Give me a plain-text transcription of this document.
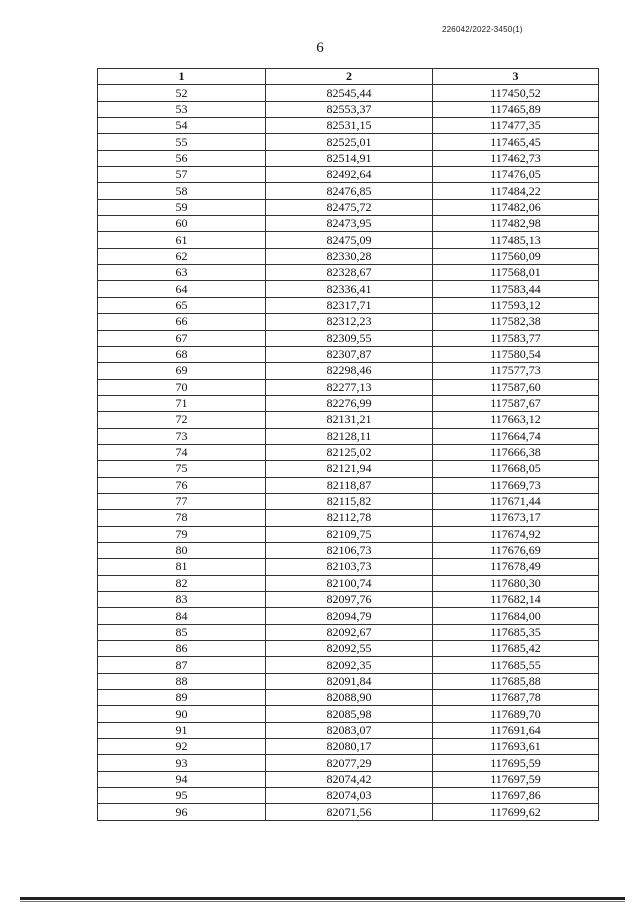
226042/2022-3450(1)
6
1	2	3
52	82545,44	117450,52
53	82553,37	117465,89
54	82531,15	117477,35
55	82525,01	117465,45
56	82514,91	117462,73
57	82492,64	117476,05
58	82476,85	117484,22
59	82475,72	117482,06
60	82473,95	117482,98
61	82475,09	117485,13
62	82330,28	117560,09
63	82328,67	117568,01
64	82336,41	117583,44
65	82317,71	117593,12
66	82312,23	117582,38
67	82309,55	117583,77
68	82307,87	117580,54
69	82298,46	117577,73
70	82277,13	117587,60
71	82276,99	117587,67
72	82131,21	117663,12
73	82128,11	117664,74
74	82125,02	117666,38
75	82121,94	117668,05
76	82118,87	117669,73
77	82115,82	117671,44
78	82112,78	117673,17
79	82109,75	117674,92
80	82106,73	117676,69
81	82103,73	117678,49
82	82100,74	117680,30
83	82097,76	117682,14
84	82094,79	117684,00
85	82092,67	117685,35
86	82092,55	117685,42
87	82092,35	117685,55
88	82091,84	117685,88
89	82088,90	117687,78
90	82085,98	117689,70
91	82083,07	117691,64
92	82080,17	117693,61
93	82077,29	117695,59
94	82074,42	117697,59
95	82074,03	117697,86
96	82071,56	117699,62
